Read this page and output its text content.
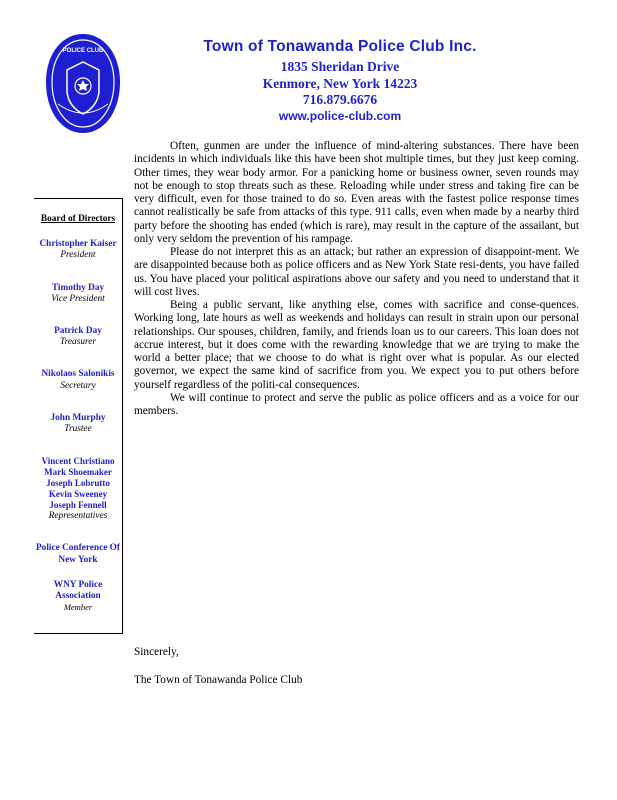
POLICE CLUB	Town of Tonawanda Police Club Inc.
1835 Sheridan Drive
Kenmore, New York 14223
716.879.6676
www.police-club.com
Board of Directors
Christopher Kaiser
President
Timothy Day
Vice President
Patrick Day
Treasurer
Nikolaos Salonikis
Secretary
John Murphy
Trustee
Vincent Christiano
Mark Shoemaker
Joseph Lobrutto
Kevin Sweeney
Joseph Fennell
Representatives
Police Conference Of New York
WNY Police Association
Member

Often, gunmen are under the influence of mind-altering substances. There have been incidents in which individuals like this have been shot multiple times, but they just keep coming. Other times, they wear body armor. For a panicking home or business owner, seven rounds may not be enough to stop threats such as these. Reloading while under stress and taking fire can be very difficult, even for those trained to do so. Even areas with the fastest police response times cannot realistically be safe from attacks of this type. 911 calls, even when made by a nearby third party before the shooting has ended (which is rare), may result in the capture of the assailant, but only very seldom the prevention of his rampage.

Please do not interpret this as an attack; but rather an expression of disappoint-ment. We are disappointed because both as police officers and as New York State resi-dents, you have failed us. You have placed your political aspirations above our safety and you need to understand that it will cost lives.

Being a public servant, like anything else, comes with sacrifice and conse-quences. Working long, late hours as well as weekends and holidays can result in strain upon our personal relationships. Our spouses, children, family, and friends loan us to our careers. This loan does not accrue interest, but it does come with the rewarding knowledge that we are trying to make the world a better place; that we choose to do what is right over what is popular. As our elected governor, we expect the same kind of sacrifice from you. We expect you to put others before yourself regardless of the politi-cal consequences.

We will continue to protect and serve the public as police officers and as a voice for our members.

Sincerely,
The Town of Tonawanda Police Club
